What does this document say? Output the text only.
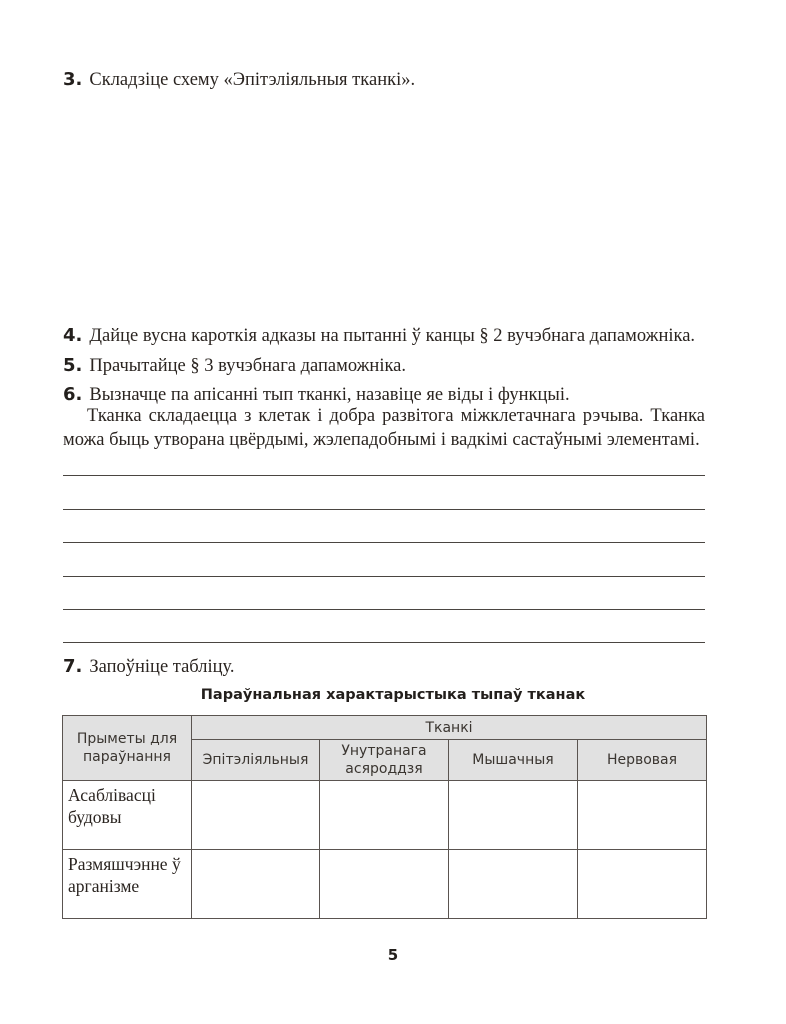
3. Складзіце схему «Эпітэліяльныя тканкі».
4. Дайце вусна кароткія адказы на пытанні ў канцы § 2 вучэбнага дапаможніка.
5. Прачытайце § 3 вучэбнага дапаможніка.
6. Вызначце па апісанні тып тканкі, назавіце яе віды і функцыі.
Тканка складаецца з клетак і добра развітога міжклетачнага рэчыва. Тканка можа быць утворана цвёрдымі, жэлепадобнымі і вадкімі састаўнымі элементамі.
7. Запоўніце табліцу.
Параўнальная характарыстыка тыпаў тканак
Прыметы для параўнання	Тканкі			
	Эпітэліяльныя	Унутранага асяроддзя	Мышачныя	Нервовая
Асаблівасці будовы				
Размяшчэнне ў арганізме				
5
